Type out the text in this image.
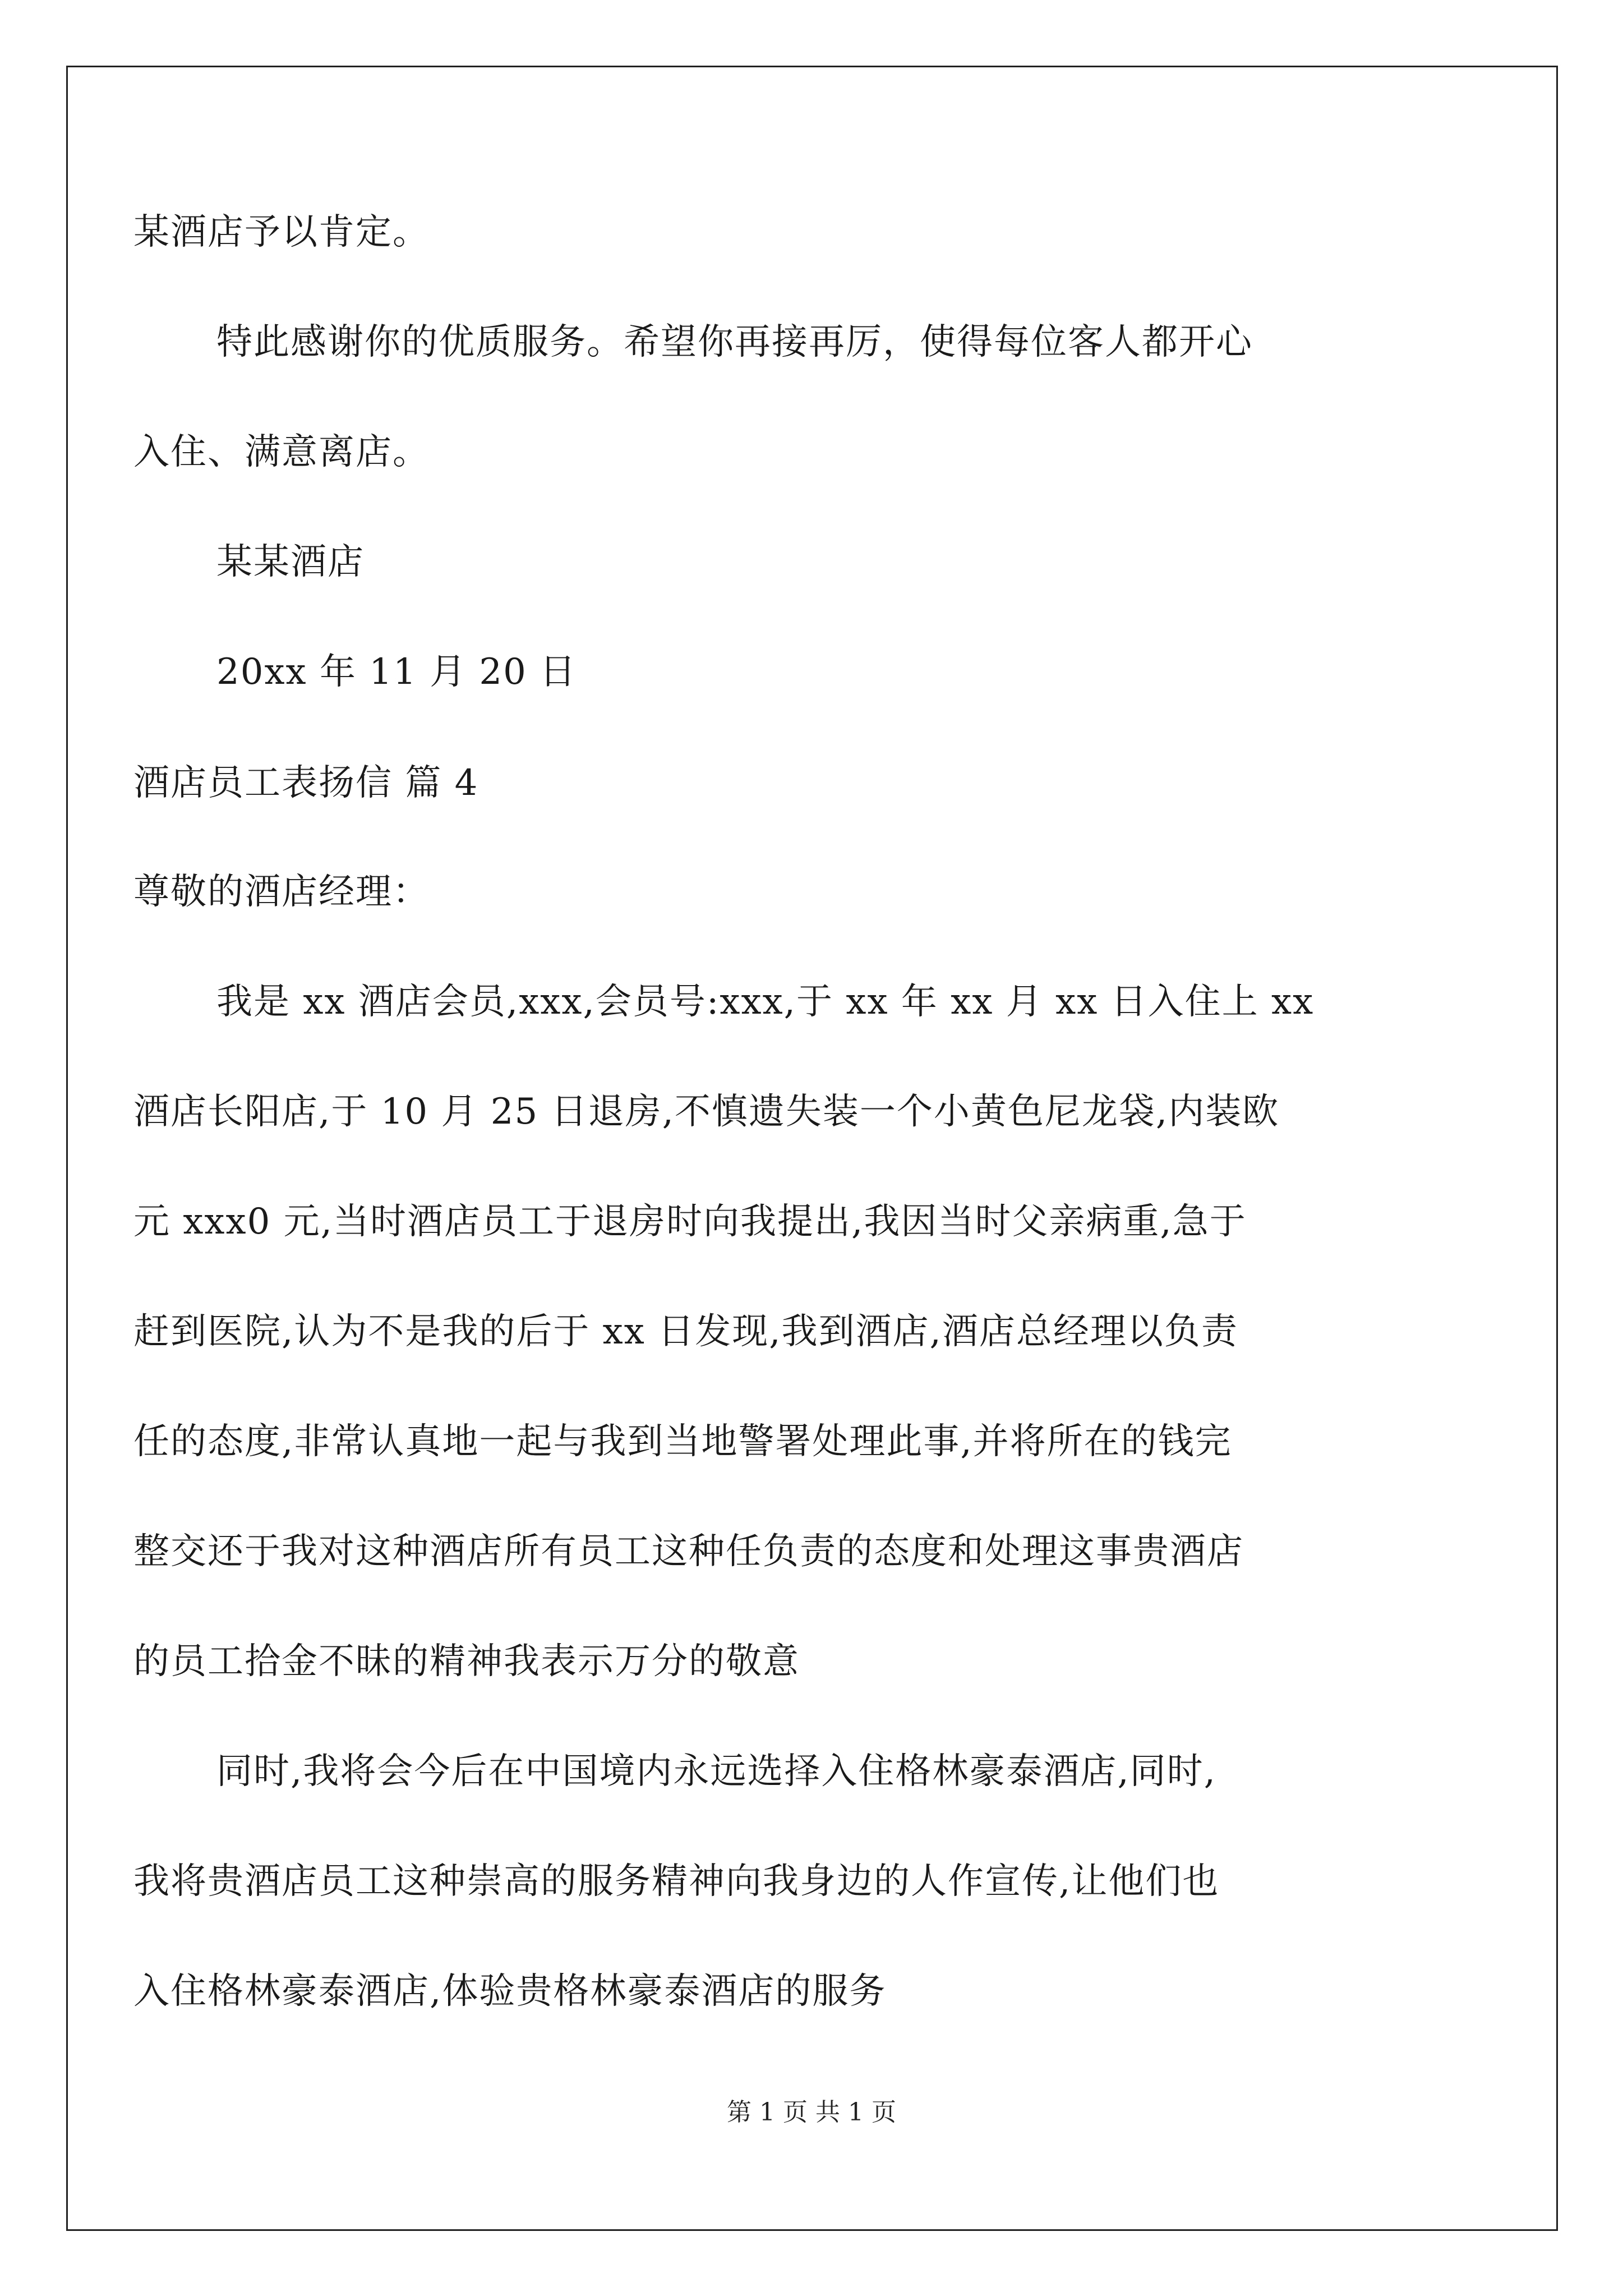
某酒店予以肯定。
特此感谢你的优质服务。希望你再接再厉，使得每位客人都开心
入住、满意离店。
某某酒店
20xx 年 11 月 20 日
酒店员工表扬信 篇 4
尊敬的酒店经理：
我是 xx 酒店会员,xxx,会员号:xxx,于 xx 年 xx 月 xx 日入住上 xx
酒店长阳店,于 10 月 25 日退房,不慎遗失装一个小黄色尼龙袋,内装欧
元 xxx0 元,当时酒店员工于退房时向我提出,我因当时父亲病重,急于
赶到医院,认为不是我的后于 xx 日发现,我到酒店,酒店总经理以负责
任的态度,非常认真地一起与我到当地警署处理此事,并将所在的钱完
整交还于我对这种酒店所有员工这种任负责的态度和处理这事贵酒店
的员工拾金不昧的精神我表示万分的敬意
同时,我将会今后在中国境内永远选择入住格林豪泰酒店,同时,
我将贵酒店员工这种崇高的服务精神向我身边的人作宣传,让他们也
入住格林豪泰酒店,体验贵格林豪泰酒店的服务
第 1 页 共 1 页
